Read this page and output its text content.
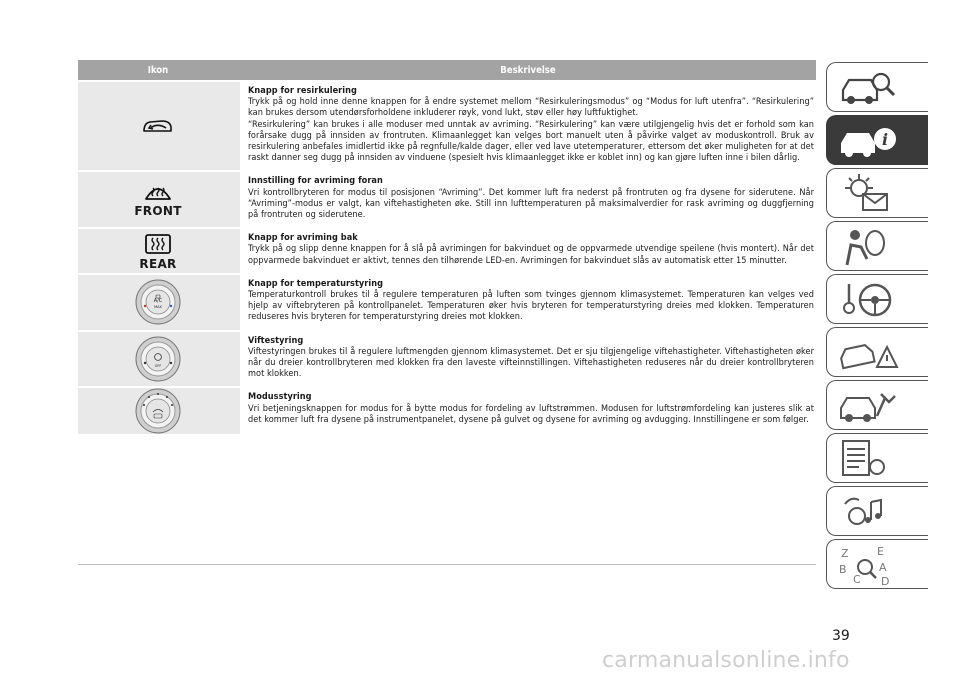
Ikon	Beskrivelse
Knapp for resirkulering
Trykk på og hold inne denne knappen for å endre systemet mellom “Resirkuleringsmodus” og “Modus for luft utenfra”. “Resirkulering” kan brukes dersom utendørsforholdene inkluderer røyk, vond lukt, støv eller høy luftfuktighet.
“Resirkulering” kan brukes i alle moduser med unntak av avriming. “Resirkulering” kan være utilgjengelig hvis det er forhold som kan forårsake dugg på innsiden av frontruten. Klimaanlegget kan velges bort manuelt uten å påvirke valget av moduskontroll. Bruk av resirkulering anbefales imidlertid ikke på regnfulle/kalde dager, eller ved lave utetemperaturer, ettersom det øker muligheten for at det raskt danner seg dugg på innsiden av vinduene (spesielt hvis klimaanlegget ikke er koblet inn) og kan gjøre luften inne i bilen dårlig.
FRONT
Innstilling for avriming foran
Vri kontrollbryteren for modus til posisjonen “Avriming”. Det kommer luft fra nederst på frontruten og fra dysene for siderutene. Når “Avriming”-modus er valgt, kan viftehastigheten øke. Still inn lufttemperaturen på maksimalverdier for rask avriming og duggfjerning på frontruten og siderutene.
REAR
Knapp for avriming bak
Trykk på og slipp denne knappen for å slå på avrimingen for bakvinduet og de oppvarmede utvendige speilene (hvis montert). Når det oppvarmede bakvinduet er aktivt, tennes den tilhørende LED-en. Avrimingen for bakvinduet slås av automatisk etter 15 minutter.
A/C
MAX
Knapp for temperaturstyring
Temperaturkontroll brukes til å regulere temperaturen på luften som tvinges gjennom klimasystemet. Temperaturen kan velges ved hjelp av viftebryteren på kontrollpanelet. Temperaturen øker hvis bryteren for temperaturstyring dreies med klokken. Temperaturen reduseres hvis bryteren for temperaturstyring dreies mot klokken.
OFF
Viftestyring
Viftestyringen brukes til å regulere luftmengden gjennom klimasystemet. Det er sju tilgjengelige viftehastigheter. Viftehastigheten øker når du dreier kontrollbryteren med klokken fra den laveste vifteinnstillingen. Viftehastigheten reduseres når du dreier kontrollbryteren mot klokken.
Modusstyring
Vri betjeningsknappen for modus for å bytte modus for fordeling av luftstrømmen. Modusen for luftstrømfordeling kan justeres slik at det kommer luft fra dysene på instrumentpanelet, dysene på gulvet og dysene for avriming og avdugging. Innstillingene er som følger.
i
Z	E
B	A
C D
39
carmanualsonline.info
